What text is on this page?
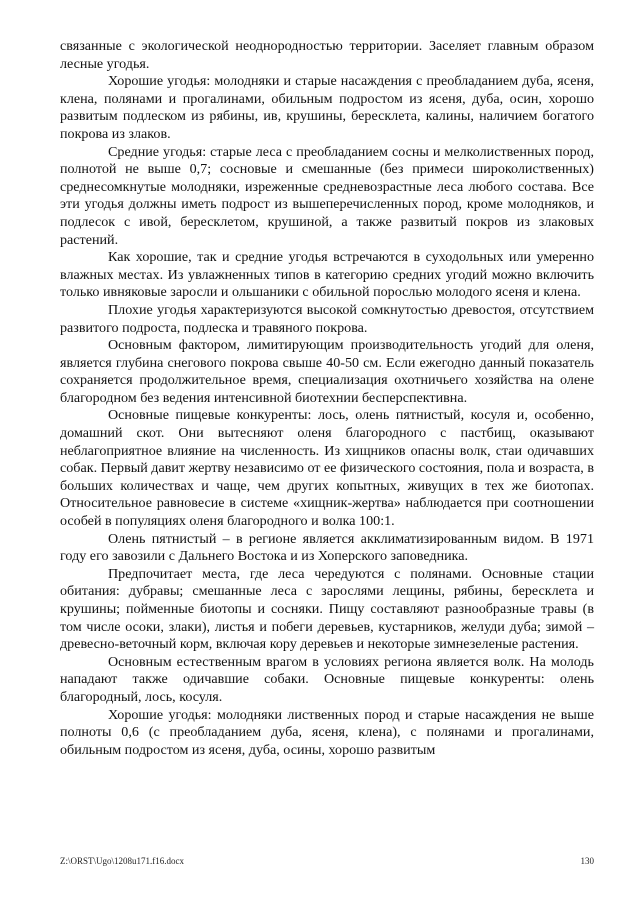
связанные с экологической неоднородностью территории. Заселяет главным образом лесные угодья.

Хорошие угодья: молодняки и старые насаждения с преобладанием дуба, ясеня, клена, полянами и прогалинами, обильным подростом из ясеня, дуба, осин, хорошо развитым подлеском из рябины, ив, крушины, бересклета, калины, наличием богатого покрова из злаков.

Средние угодья: старые леса с преобладанием сосны и мелколиственных пород, полнотой не выше 0,7; сосновые и смешанные (без примеси широколиственных) среднесомкнутые молодняки, изреженные средневозрастные леса любого состава. Все эти угодья должны иметь подрост из вышеперечисленных пород, кроме молодняков, и подлесок с ивой, бересклетом, крушиной, а также развитый покров из злаковых растений.

Как хорошие, так и средние угодья встречаются в суходольных или умеренно влажных местах. Из увлажненных типов в категорию средних угодий можно включить только ивняковые заросли и ольшаники с обильной порослью молодого ясеня и клена.

Плохие угодья характеризуются высокой сомкнутостью древостоя, отсутствием развитого подроста, подлеска и травяного покрова.

Основным фактором, лимитирующим производительность угодий для оленя, является глубина снегового покрова свыше 40-50 см. Если ежегодно данный показатель сохраняется продолжительное время, специализация охотничьего хозяйства на олене благородном без ведения интенсивной биотехнии бесперспективна.

Основные пищевые конкуренты: лось, олень пятнистый, косуля и, особенно, домашний скот. Они вытесняют оленя благородного с пастбищ, оказывают неблагоприятное влияние на численность. Из хищников опасны волк, стаи одичавших собак. Первый давит жертву независимо от ее физического состояния, пола и возраста, в больших количествах и чаще, чем других копытных, живущих в тех же биотопах. Относительное равновесие в системе «хищник-жертва» наблюдается при соотношении особей в популяциях оленя благородного и волка 100:1.

Олень пятнистый – в регионе является акклиматизированным видом. В 1971 году его завозили с Дальнего Востока и из Хоперского заповедника.

Предпочитает места, где леса чередуются с полянами. Основные стации обитания: дубравы; смешанные леса с зарослями лещины, рябины, бересклета и крушины; пойменные биотопы и сосняки. Пищу составляют разнообразные травы (в том числе осоки, злаки), листья и побеги деревьев, кустарников, желуди дуба; зимой – древесно-веточный корм, включая кору деревьев и некоторые зимнезеленые растения.

Основным естественным врагом в условиях региона является волк. На молодь нападают также одичавшие собаки. Основные пищевые конкуренты: олень благородный, лось, косуля.

Хорошие угодья: молодняки лиственных пород и старые насаждения не выше полноты 0,6 (с преобладанием дуба, ясеня, клена), с полянами и прогалинами, обильным подростом из ясеня, дуба, осины, хорошо развитым

Z:\ORST\Ugo\1208u171.f16.docx	130
